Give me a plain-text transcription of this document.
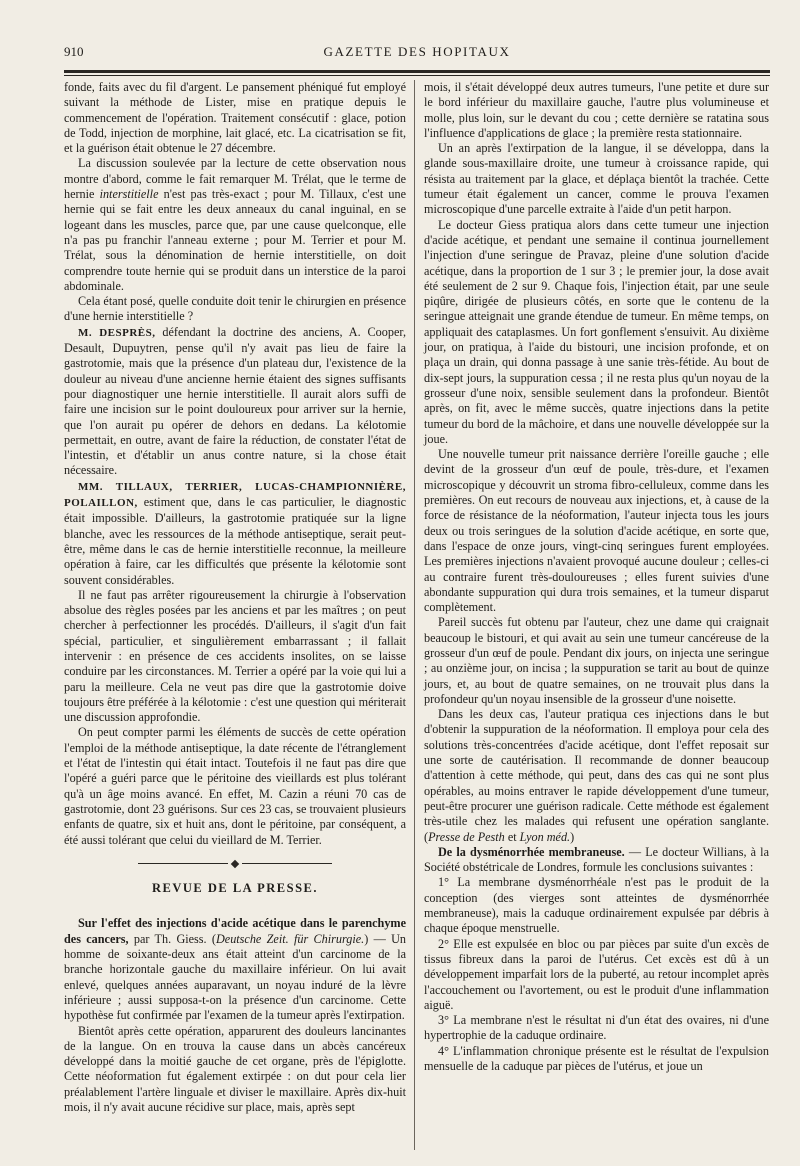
910	GAZETTE DES HOPITAUX

fonde, faits avec du fil d'argent. Le pansement phéniqué fut employé suivant la méthode de Lister, mise en pratique depuis le commencement de l'opération. Traitement consécutif : glace, potion de Todd, injection de morphine, lait glacé, etc. La cicatrisation se fit, et la guérison était obtenue le 27 décembre.

La discussion soulevée par la lecture de cette observation nous montre d'abord, comme le fait remarquer M. Trélat, que le terme de hernie interstitielle n'est pas très-exact ; pour M. Tillaux, c'est une hernie qui se fait entre les deux anneaux du canal inguinal, en se logeant dans les muscles, parce que, par une cause quelconque, elle n'a pas pu franchir l'anneau externe ; pour M. Terrier et pour M. Trélat, sous la dénomination de hernie interstitielle, on doit comprendre toute hernie qui se produit dans un interstice de la paroi abdominale.

Cela étant posé, quelle conduite doit tenir le chirurgien en présence d'une hernie interstitielle ?

M. DESPRÈS, défendant la doctrine des anciens, A. Cooper, Desault, Dupuytren, pense qu'il n'y avait pas lieu de faire la gastrotomie, mais que la présence d'un plateau dur, l'existence de la douleur au niveau d'une ancienne hernie étaient des signes suffisants pour diagnostiquer une hernie interstitielle. Il aurait alors suffi de faire une incision sur le point douloureux pour arriver sur la hernie, que l'on aurait pu opérer de dehors en dedans. La kélotomie permettait, en outre, avant de faire la réduction, de constater l'état de l'intestin, et d'établir un anus contre nature, si la chose était nécessaire.

MM. TILLAUX, TERRIER, LUCAS-CHAMPIONNIÈRE, POLAILLON, estiment que, dans le cas particulier, le diagnostic était impossible. D'ailleurs, la gastrotomie pratiquée sur la ligne blanche, avec les ressources de la méthode antiseptique, serait peut-être, même dans le cas de hernie interstitielle reconnue, la meilleure opération à faire, car les difficultés que présente la kélotomie sont souvent considérables.

Il ne faut pas arrêter rigoureusement la chirurgie à l'observation absolue des règles posées par les anciens et par les maîtres ; on peut chercher à perfectionner les procédés. D'ailleurs, il s'agit d'un fait spécial, particulier, et singulièrement embarrassant ; il fallait intervenir : en présence de ces accidents insolites, on se laisse conduire par les circonstances. M. Terrier a opéré par la voie qui lui a paru la meilleure. Cela ne veut pas dire que la gastrotomie doive toujours être préférée à la kélotomie : c'est une question qui mériterait une discussion approfondie.

On peut compter parmi les éléments de succès de cette opération l'emploi de la méthode antiseptique, la date récente de l'étranglement et l'état de l'intestin qui était intact. Toutefois il ne faut pas dire que l'opéré a guéri parce que le péritoine des vieillards est plus tolérant qu'à un âge moins avancé. En effet, M. Cazin a réuni 70 cas de gastrotomie, dont 23 guérisons. Sur ces 23 cas, se trouvaient plusieurs enfants de quatre, six et huit ans, dont le péritoine, par conséquent, a été aussi tolérant que celui du vieillard de M. Terrier.

REVUE DE LA PRESSE.

Sur l'effet des injections d'acide acétique dans le parenchyme des cancers, par Th. Giess. (Deutsche Zeit. für Chirurgie.) — Un homme de soixante-deux ans était atteint d'un carcinome de la branche horizontale gauche du maxillaire inférieur. On lui avait enlevé, quelques années auparavant, un noyau induré de la lèvre inférieure ; aussi supposa-t-on la présence d'un carcinome. Cette hypothèse fut confirmée par l'examen de la tumeur après l'extirpation.

Bientôt après cette opération, apparurent des douleurs lancinantes de la langue. On en trouva la cause dans un abcès cancéreux développé dans la moitié gauche de cet organe, près de l'épiglotte. Cette néoformation fut également extirpée : on dut pour cela lier préalablement l'artère linguale et diviser le maxillaire. Après dix-huit mois, il n'y avait aucune récidive sur place, mais, après sept

mois, il s'était développé deux autres tumeurs, l'une petite et dure sur le bord inférieur du maxillaire gauche, l'autre plus volumineuse et molle, plus loin, sur le devant du cou ; cette dernière se ratatina sous l'influence d'applications de glace ; la première resta stationnaire.

Un an après l'extirpation de la langue, il se développa, dans la glande sous-maxillaire droite, une tumeur à croissance rapide, qui résista au traitement par la glace, et déplaça bientôt la trachée. Cette tumeur était également un cancer, comme le prouva l'examen microscopique d'une parcelle extraite à l'aide d'un petit harpon.

Le docteur Giess pratiqua alors dans cette tumeur une injection d'acide acétique, et pendant une semaine il continua journellement l'injection d'une seringue de Pravaz, pleine d'une solution d'acide acétique, dans la proportion de 1 sur 3 ; le premier jour, la dose avait été seulement de 2 sur 9. Chaque fois, l'injection était, par une seule piqûre, dirigée de plusieurs côtés, en sorte que le contenu de la seringue atteignait une grande étendue de tumeur. En même temps, on appliquait des cataplasmes. Un fort gonflement s'ensuivit. Au dixième jour, on pratiqua, à l'aide du bistouri, une incision profonde, et on plaça un drain, qui donna passage à une sanie très-fétide. Au bout de dix-sept jours, la suppuration cessa ; il ne resta plus qu'un noyau de la grosseur d'une noix, sensible seulement dans la profondeur. Bientôt après, on fit, avec le même succès, quatre injections dans la petite tumeur du bord de la mâchoire, et dans une nouvelle développée sur la joue.

Une nouvelle tumeur prit naissance derrière l'oreille gauche ; elle devint de la grosseur d'un œuf de poule, très-dure, et l'examen microscopique y découvrit un stroma fibro-celluleux, comme dans les premières. On eut recours de nouveau aux injections, et, à cause de la force de résistance de la néoformation, l'auteur injecta tous les jours deux ou trois seringues de la solution d'acide acétique, en sorte que, dans l'espace de onze jours, vingt-cinq seringues furent employées. Les premières injections n'avaient provoqué aucune douleur ; celles-ci au contraire furent très-douloureuses ; elles furent suivies d'une abondante suppuration qui dura trois semaines, et la tumeur disparut complètement.

Pareil succès fut obtenu par l'auteur, chez une dame qui craignait beaucoup le bistouri, et qui avait au sein une tumeur cancéreuse de la grosseur d'un œuf de poule. Pendant dix jours, on injecta une seringue ; au onzième jour, on incisa ; la suppuration se tarit au bout de quinze jours, et, au bout de quatre semaines, on ne trouvait plus dans la profondeur qu'un noyau insensible de la grosseur d'une noisette.

Dans les deux cas, l'auteur pratiqua ces injections dans le but d'obtenir la suppuration de la néoformation. Il employa pour cela des solutions très-concentrées d'acide acétique, dont l'effet reposait sur une sorte de cautérisation. Il recommande de donner beaucoup d'attention à cette méthode, qui peut, dans des cas qui ne sont plus opérables, au moins entraver le rapide développement d'une tumeur, peut-être procurer une guérison radicale. Cette méthode est également très-utile chez les malades qui refusent une opération sanglante. (Presse de Pesth et Lyon méd.)

De la dysménorrhée membraneuse. — Le docteur Willians, à la Société obstétricale de Londres, formule les conclusions suivantes :

1° La membrane dysménorrhéale n'est pas le produit de la conception (des vierges sont atteintes de dysménorrhée membraneuse), mais la caduque ordinairement expulsée par débris à chaque époque menstruelle.

2° Elle est expulsée en bloc ou par pièces par suite d'un excès de tissus fibreux dans la paroi de l'utérus. Cet excès est dû à un développement imparfait lors de la puberté, au retour incomplet après l'accouchement ou l'avortement, ou est le produit d'une inflammation aiguë.

3° La membrane n'est le résultat ni d'un état des ovaires, ni d'une hypertrophie de la caduque ordinaire.

4° L'inflammation chronique présente est le résultat de l'expulsion mensuelle de la caduque par pièces de l'utérus, et joue un
